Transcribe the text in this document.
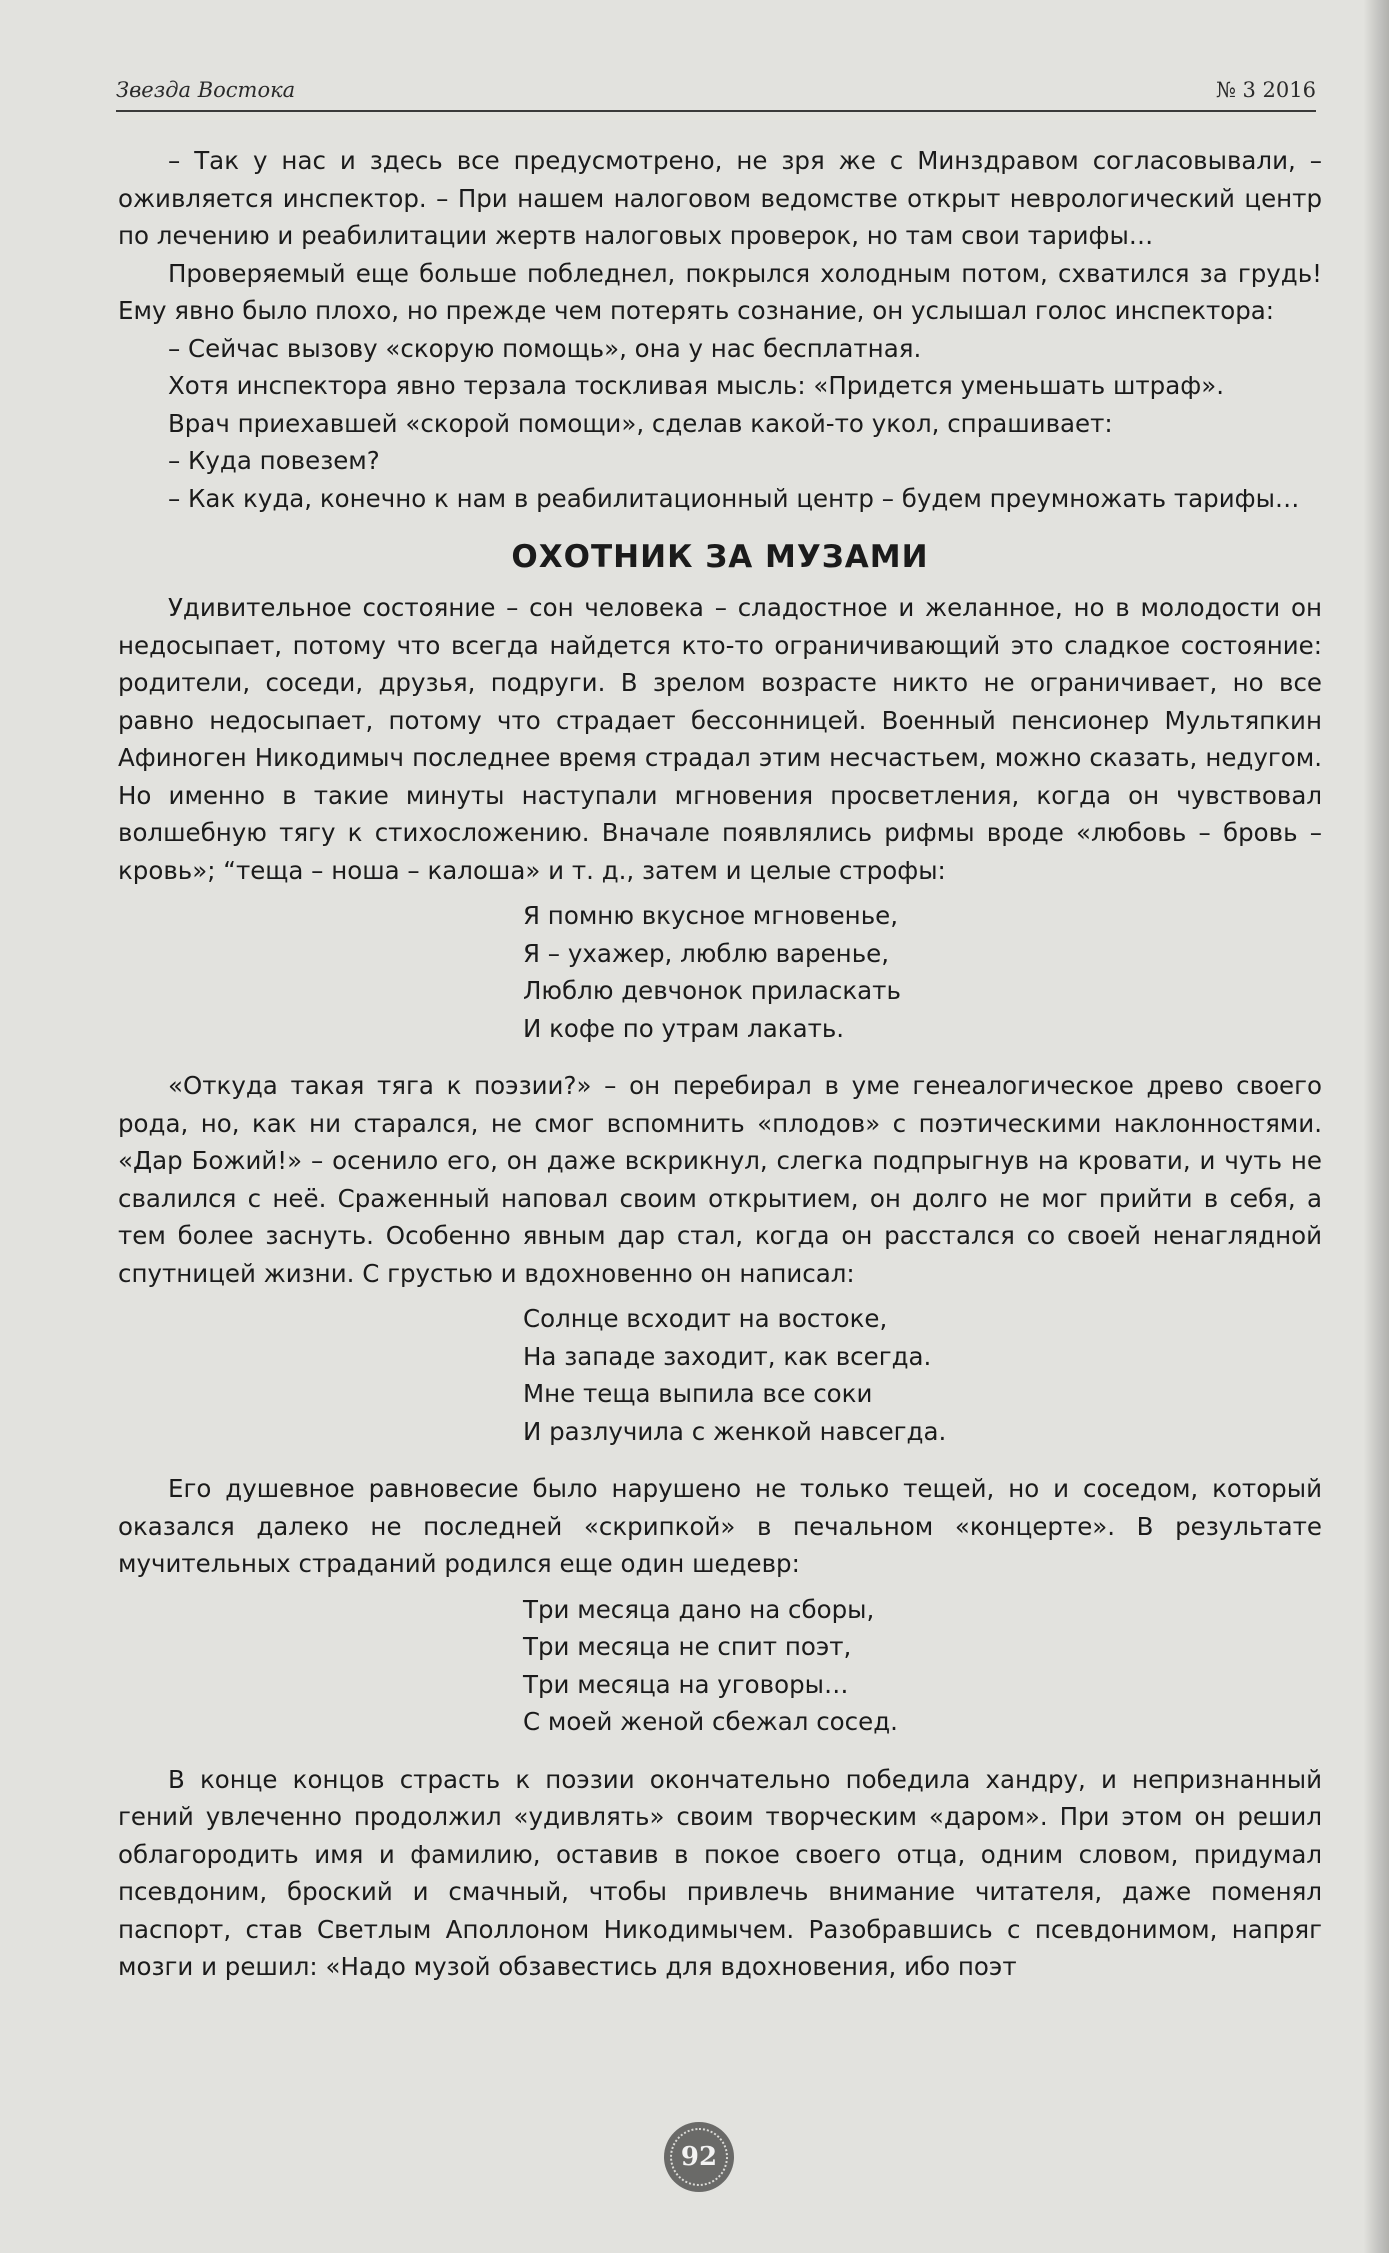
Звезда Востока	№ 3 2016

– Так у нас и здесь все предусмотрено, не зря же с Минздравом согласовывали, – оживляется инспектор. – При нашем налоговом ведомстве открыт неврологический центр по лечению и реабилитации жертв налоговых проверок, но там свои тарифы…

Проверяемый еще больше побледнел, покрылся холодным потом, схватился за грудь! Ему явно было плохо, но прежде чем потерять сознание, он услышал голос инспектора:

– Сейчас вызову «скорую помощь», она у нас бесплатная.

Хотя инспектора явно терзала тоскливая мысль: «Придется уменьшать штраф».

Врач приехавшей «скорой помощи», сделав какой-то укол, спрашивает:

– Куда повезем?

– Как куда, конечно к нам в реабилитационный центр – будем преумножать тарифы…

ОХОТНИК ЗА МУЗАМИ

Удивительное состояние – сон человека – сладостное и желанное, но в молодости он недосыпает, потому что всегда найдется кто-то ограничивающий это сладкое состояние: родители, соседи, друзья, подруги. В зрелом возрасте никто не ограничивает, но все равно недосыпает, потому что страдает бессонницей. Военный пенсионер Мультяпкин Афиноген Никодимыч последнее время страдал этим несчастьем, можно сказать, недугом. Но именно в такие минуты наступали мгновения просветления, когда он чувствовал волшебную тягу к стихосложению. Вначале появлялись рифмы вроде «любовь – бровь – кровь»; “теща – ноша – калоша» и т. д., затем и целые строфы:

Я помню вкусное мгновенье,
Я – ухажер, люблю варенье,
Люблю девчонок приласкать
И кофе по утрам лакать.

«Откуда такая тяга к поэзии?» – он перебирал в уме генеалогическое древо своего рода, но, как ни старался, не смог вспомнить «плодов» с поэтическими наклонностями. «Дар Божий!» – осенило его, он даже вскрикнул, слегка подпрыгнув на кровати, и чуть не свалился с неё. Сраженный наповал своим открытием, он долго не мог прийти в себя, а тем более заснуть. Особенно явным дар стал, когда он расстался со своей ненаглядной спутницей жизни. С грустью и вдохновенно он написал:

Солнце всходит на востоке,
На западе заходит, как всегда.
Мне теща выпила все соки
И разлучила с женкой навсегда.

Его душевное равновесие было нарушено не только тещей, но и соседом, который оказался далеко не последней «скрипкой» в печальном «концерте». В результате мучительных страданий родился еще один шедевр:

Три месяца дано на сборы,
Три месяца не спит поэт,
Три месяца на уговоры…
С моей женой сбежал сосед.

В конце концов страсть к поэзии окончательно победила хандру, и непризнанный гений увлеченно продолжил «удивлять» своим творческим «даром». При этом он решил облагородить имя и фамилию, оставив в покое своего отца, одним словом, придумал псевдоним, броский и смачный, чтобы привлечь внимание читателя, даже поменял паспорт, став Светлым Аполлоном Никодимычем. Разобравшись с псевдонимом, напряг мозги и решил: «Надо музой обзавестись для вдохновения, ибо поэт

92
